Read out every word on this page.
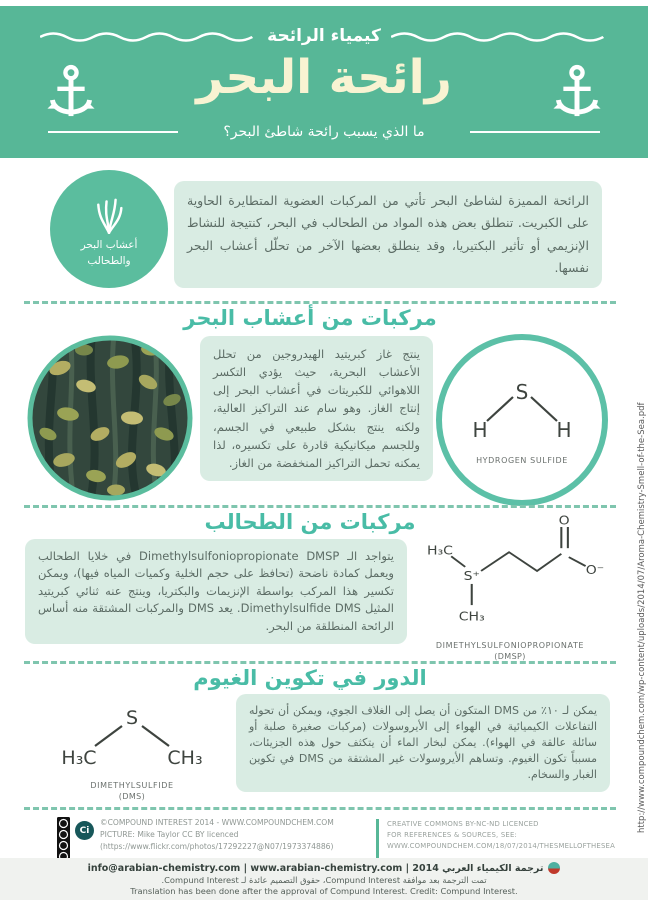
كيمياء الرائحة
رائحة البحر
ما الذي يسبب رائحة شاطئ البحر؟
أعشاب البحر
والطحالب
الرائحة المميزة لشاطئ البحر تأتي من المركبات العضوية المتطايرة الحاوية على الكبريت. تنطلق بعض هذه المواد من الطحالب في البحر، كنتيجة للنشاط الإنزيمي أو تأثير البكتيريا، وقد ينطلق بعضها الآخر من تحلّل أعشاب البحر نفسها.
مركبات من أعشاب البحر
ينتج غاز كبريتيد الهيدروجين من تحلل الأعشاب البحرية، حيث يؤدي التكسر اللاهوائي للكبريتات في أعشاب البحر إلى إنتاج الغاز. وهو سام عند التراكيز العالية، ولكنه ينتج بشكل طبيعي في الجسم، وللجسم ميكانيكية قادرة على تكسيره، لذا يمكنه تحمل التراكيز المنخفضة من الغاز.
S
H	H
HYDROGEN SULFIDE
مركبات من الطحالب
يتواجد الـ Dimethylsulfoniopropionate DMSP في خلايا الطحالب ويعمل كمادة ناضحة (تحافظ على حجم الخلية وكميات المياه فيها)، ويمكن تكسير هذا المركب بواسطة الإنزيمات والبكتريا، وينتج عنه ثنائي كبريتيد المثيل Dimethylsulfide DMS. يعد DMS والمركبات المشتقة منه أساس الرائحة المنطلقة من البحر.
H₃C
S⁺
CH₃
O
O⁻
DIMETHYLSULFONIOPROPIONATE
(DMSP)
الدور في تكوين الغيوم
S
H₃C	CH₃
DIMETHYLSULFIDE
(DMS)
يمكن لـ ١٠٪ من DMS المتكون أن يصل إلى الغلاف الجوي، ويمكن أن تحوله التفاعلات الكيميائية في الهواء إلى الأيروسولات (مركبات صغيرة صلبة أو سائلة عالقة في الهواء). يمكن لبخار الماء أن يتكثف حول هذه الجزيئات، مسبباً تكون الغيوم. وتساهم الأيروسولات غير المشتقة من DMS في تكوين الغبار والسخام.	http://www.compoundchem.com/wp-content/uploads/2014/07/Aroma-Chemistry-Smell-of-the-Sea.pdf
Ci
©COMPOUND INTEREST 2014 - WWW.COMPOUNDCHEM.COM
PICTURE: Mike Taylor CC BY licenced
(https://www.flickr.com/photos/17292227@N07/1973374886)
CREATIVE COMMONS BY-NC-ND LICENCED
FOR REFERENCES & SOURCES, SEE:
WWW.COMPOUNDCHEM.COM/18/07/2014/THESMELLOFTHESEA
ترجمة الكيمياء العربي 2014 | info@arabian-chemistry.com | www.arabian-chemistry.com
تمت الترجمة بعد موافقة Compund Interest، حقوق التصميم عائدة لـ Compund Interest.
Translation has been done after the approval of Compund Interest. Credit: Compund Interest.
